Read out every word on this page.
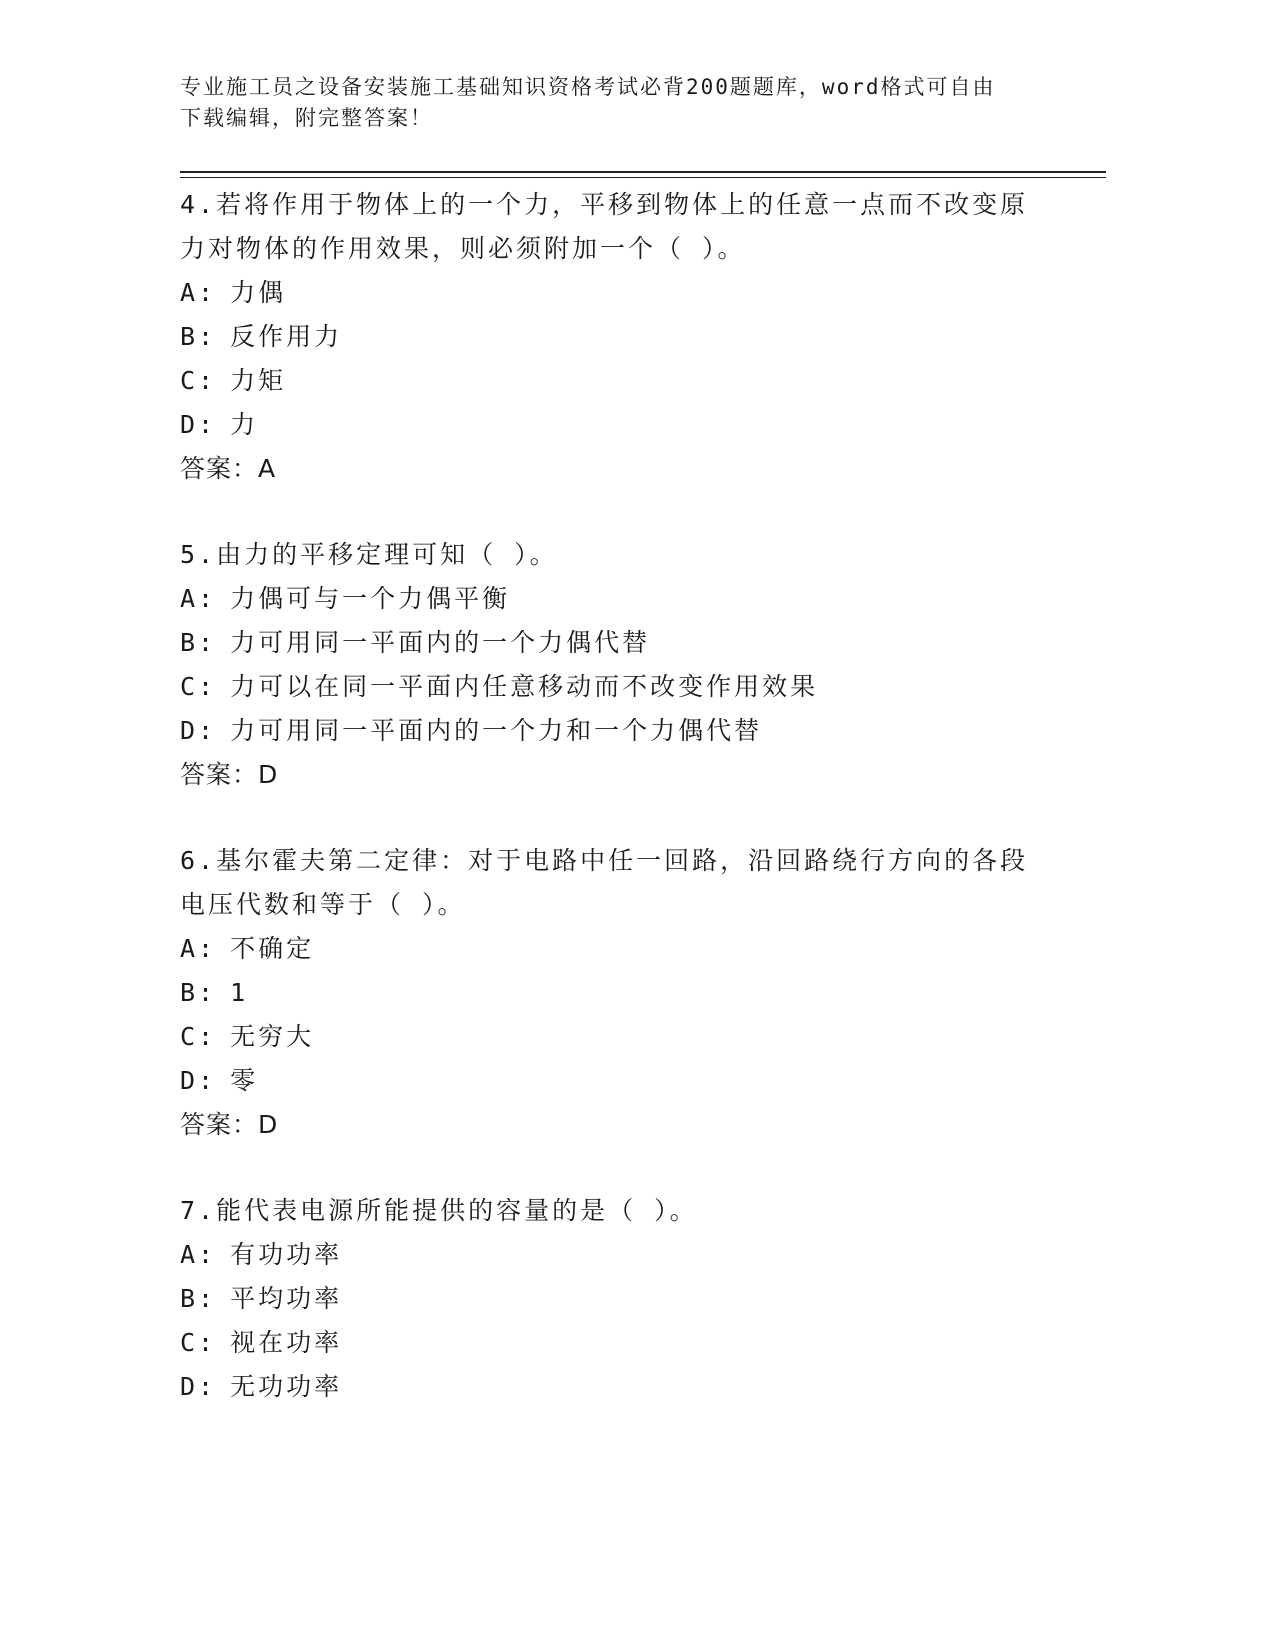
专业施工员之设备安装施工基础知识资格考试必背200题题库，word格式可自由
下载编辑，附完整答案！
4.若将作用于物体上的一个力，平移到物体上的任意一点而不改变原
力对物体的作用效果，则必须附加一个（ ）。
A: 力偶
B: 反作用力
C: 力矩
D: 力
答案：A
5.由力的平移定理可知（ ）。
A: 力偶可与一个力偶平衡
B: 力可用同一平面内的一个力偶代替
C: 力可以在同一平面内任意移动而不改变作用效果
D: 力可用同一平面内的一个力和一个力偶代替
答案：D
6.基尔霍夫第二定律：对于电路中任一回路，沿回路绕行方向的各段
电压代数和等于（ ）。
A: 不确定
B: 1
C: 无穷大
D: 零
答案：D
7.能代表电源所能提供的容量的是（ ）。
A: 有功功率
B: 平均功率
C: 视在功率
D: 无功功率
